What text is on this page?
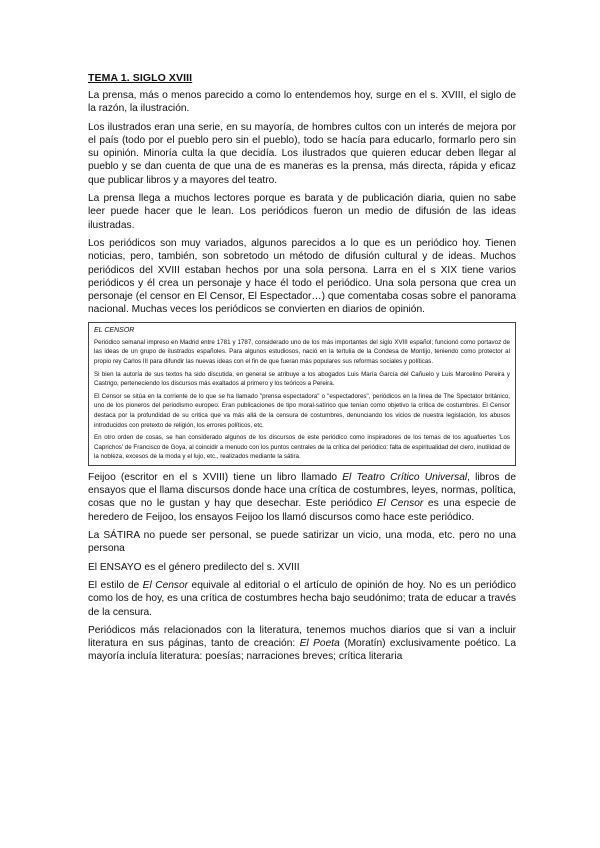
TEMA 1. SIGLO XVIII

La prensa, más o menos parecido a como lo entendemos hoy, surge en el s. XVIII, el siglo de la razón, la ilustración.

Los ilustrados eran una serie, en su mayoría, de hombres cultos con un interés de mejora por el país (todo por el pueblo pero sin el pueblo), todo se hacía para educarlo, formarlo pero sin su opinión. Minoría culta la que decidía. Los ilustrados que quieren educar deben llegar al pueblo y se dan cuenta de que una de es maneras es la prensa, más directa, rápida y eficaz que publicar libros y a mayores del teatro.

La prensa llega a muchos lectores porque es barata y de publicación diaria, quien no sabe leer puede hacer que le lean. Los periódicos fueron un medio de difusión de las ideas ilustradas.

Los periódicos son muy variados, algunos parecidos a lo que es un periódico hoy. Tienen noticias, pero, también, son sobretodo un método de difusión cultural y de ideas. Muchos periódicos del XVIII estaban hechos por una sola persona. Larra en el s XIX tiene varios periódicos y él crea un personaje y hace él todo el periódico. Una sola persona que crea un personaje (el censor en El Censor, El Espectador…) que comentaba cosas sobre el panorama nacional. Muchas veces los periódicos se convierten en diarios de opinión.

EL CENSOR

Periódico semanal impreso en Madrid entre 1781 y 1787, considerado uno de los más importantes del siglo XVIII español; funcionó como portavoz de las ideas de un grupo de ilustrados españoles. Para algunos estudiosos, nació en la tertulia de la Condesa de Montijo, teniendo como protector al propio rey Carlos III para difundir las nuevas ideas con el fin de que fueran más populares sus reformas sociales y políticas.

Si bien la autoría de sus textos ha sido discutida, en general se atribuye a los abogados Luis María García del Cañuelo y Luis Marcelino Pereira y Castrigo, perteneciendo los discursos más exaltados al primero y los teóricos a Pereira.

El Censor se sitúa en la corriente de lo que se ha llamado "prensa espectadora" o "espectadores", periódicos en la línea de The Spectator británico, uno de los pioneros del periodismo europeo. Eran publicaciones de tipo moral-satírico que tenían como objetivo la crítica de costumbres. El Censor destaca por la profundidad de su crítica que va más allá de la censura de costumbres, denunciando los vicios de nuestra legislación, los abusos introducidos con pretexto de religión, los errores políticos, etc.

En otro orden de cosas, se han considerado algunos de los discursos de este periódico como inspiradores de los temas de los aguafuertes 'Los Caprichos' de Francisco de Goya, al coincidir a menudo con los puntos centrales de la crítica del periódico: falta de espiritualidad del clero, inutilidad de la nobleza, excesos de la moda y el lujo, etc., realizados mediante la sátira.

Feijoo (escritor en el s XVIII) tiene un libro llamado El Teatro Crítico Universal, libros de ensayos que el llama discursos donde hace una crítica de costumbres, leyes, normas, política, cosas que no le gustan y hay que desechar. Este periódico El Censor es una especie de heredero de Feijoo, los ensayos Feijoo los llamó discursos como hace este periódico.

La SÁTIRA no puede ser personal, se puede satirizar un vicio, una moda, etc. pero no una persona

El ENSAYO es el género predilecto del s. XVIII

El estilo de El Censor equivale al editorial o el artículo de opinión de hoy. No es un periódico como los de hoy, es una crítica de costumbres hecha bajo seudónimo; trata de educar a través de la censura.

Periódicos más relacionados con la literatura, tenemos muchos diarios que si van a incluir literatura en sus páginas, tanto de creación: El Poeta (Moratín) exclusivamente poético. La mayoría incluía literatura: poesías; narraciones breves; crítica literaria
